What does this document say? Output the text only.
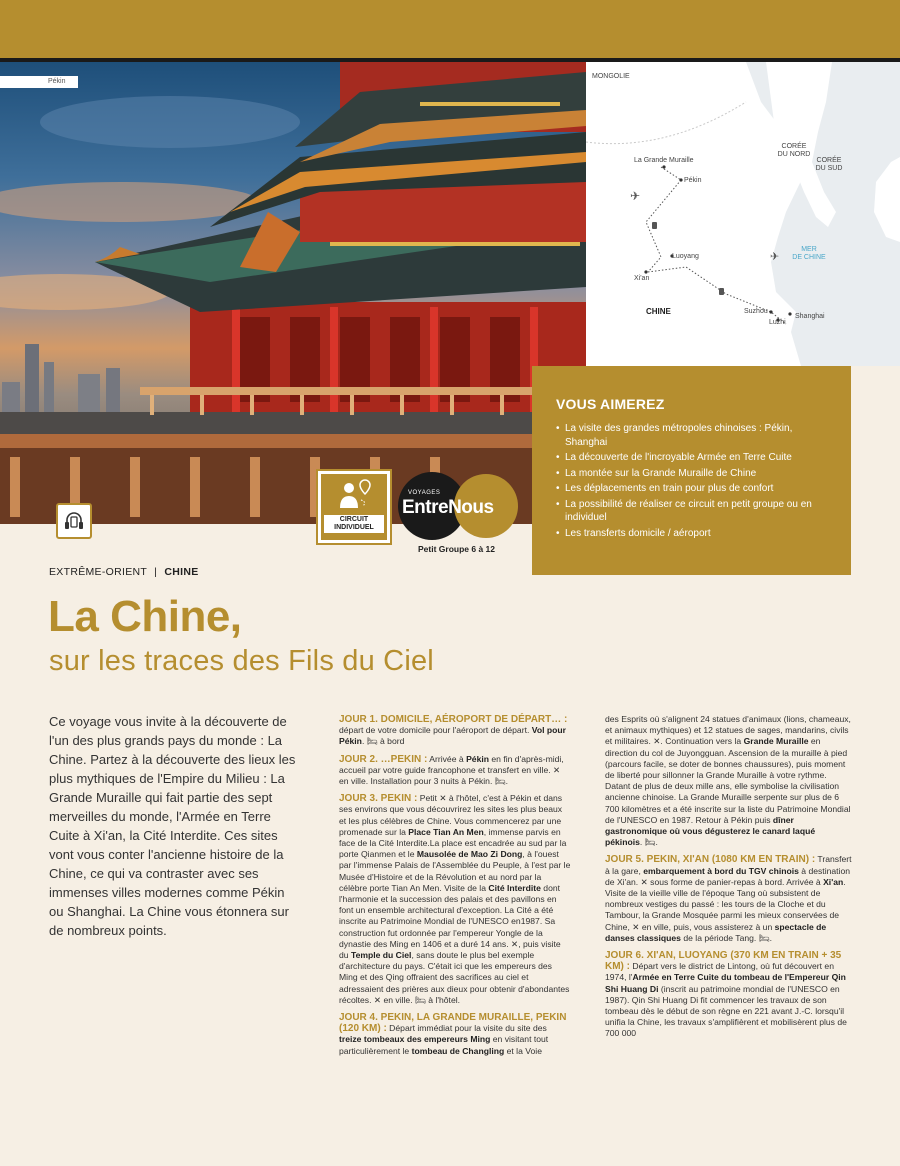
Pékin
✈
✈
MONGOLIE
La Grande Muraille
Pékin
CORÉE
DU NORD
CORÉE
DU SUD
Luoyang
Xi'an
MER
DE CHINE
CHINE	Suzhou
Luzhi
Shanghai
VOUS AIMEREZ
• La visite des grandes métropoles chinoises : Pékin, Shanghai
• La découverte de l'incroyable Armée en Terre Cuite
• La montée sur la Grande Muraille de Chine
• Les déplacements en train pour plus de confort
• La possibilité de réaliser ce circuit en petit groupe ou en individuel
• Les transferts domicile / aéroport
CIRCUIT
INDIVIDUEL
VOYAGES
EntreNous
Petit Groupe 6 à 12
EXTRÊME-ORIENT | CHINE
La Chine,
sur les traces des Fils du Ciel
Ce voyage vous invite à la découverte de l'un des plus grands pays du monde : La Chine. Partez à la découverte des lieux les plus mythiques de l'Empire du Milieu : La Grande Muraille qui fait partie des sept merveilles du monde, l'Armée en Terre Cuite à Xi'an, la Cité Interdite. Ces sites vont vous conter l'ancienne histoire de la Chine, ce qui va contraster avec ses immenses villes modernes comme Pékin ou Shanghai. La Chine vous étonnera sur de nombreux points.

JOUR 1. DOMICILE, AÉROPORT DE DÉPART… : départ de votre domicile pour l'aéroport de départ. Vol pour Pékin. 🛏 à bord

JOUR 2. …PEKIN : Arrivée à Pékin en fin d'après-midi, accueil par votre guide francophone et transfert en ville. ✕ en ville. Installation pour 3 nuits à Pékin. 🛏.

JOUR 3. PEKIN : Petit ✕ à l'hôtel, c'est à Pékin et dans ses environs que vous découvrirez les sites les plus beaux et les plus célèbres de Chine. Vous commencerez par une promenade sur la Place Tian An Men, immense parvis en face de la Cité Interdite.La place est encadrée au sud par la porte Qianmen et le Mausolée de Mao Zi Dong, à l'ouest par l'immense Palais de l'Assemblée du Peuple, à l'est par le Musée d'Histoire et de la Révolution et au nord par la célèbre porte Tian An Men. Visite de la Cité Interdite dont l'harmonie et la succession des palais et des pavillons en font un ensemble architectural d'exception. La Cité a été inscrite au Patrimoine Mondial de l'UNESCO en1987. Sa construction fut ordonnée par l'empereur Yongle de la dynastie des Ming en 1406 et a duré 14 ans. ✕, puis visite du Temple du Ciel, sans doute le plus bel exemple d'architecture du pays. C'était ici que les empereurs des Ming et des Qing offraient des sacrifices au ciel et adressaient des prières aux dieux pour obtenir d'abondantes récoltes. ✕ en ville. 🛏 à l'hôtel.

JOUR 4. PEKIN, LA GRANDE MURAILLE, PEKIN (120 KM) : Départ immédiat pour la visite du site des treize tombeaux des empereurs Ming en visitant tout particulièrement le tombeau de Changling et la Voie

des Esprits où s'alignent 24 statues d'animaux (lions, chameaux, et animaux mythiques) et 12 statues de sages, mandarins, civils et militaires. ✕. Continuation vers la Grande Muraille en direction du col de Juyongguan. Ascension de la muraille à pied (parcours facile, se doter de bonnes chaussures), puis moment de liberté pour sillonner la Grande Muraille à votre rythme. Datant de plus de deux mille ans, elle symbolise la civilisation ancienne chinoise. La Grande Muraille serpente sur plus de 6 700 kilomètres et a été inscrite sur la liste du Patrimoine Mondial de l'UNESCO en 1987. Retour à Pékin puis dîner gastronomique où vous dégusterez le canard laqué pékinois. 🛏.

JOUR 5. PEKIN, XI'AN (1080 KM EN TRAIN) : Transfert à la gare, embarquement à bord du TGV chinois à destination de Xi'an. ✕ sous forme de panier-repas à bord. Arrivée à Xi'an. Visite de la vieille ville de l'époque Tang où subsistent de nombreux vestiges du passé : les tours de la Cloche et du Tambour, la Grande Mosquée parmi les mieux conservées de Chine, ✕ en ville, puis, vous assisterez à un spectacle de danses classiques de la période Tang. 🛏.

JOUR 6. XI'AN, LUOYANG (370 KM EN TRAIN + 35 KM) : Départ vers le district de Lintong, où fut découvert en 1974, l'Armée en Terre Cuite du tombeau de l'Empereur Qin Shi Huang Di (inscrit au patrimoine mondial de l'UNESCO en 1987). Qin Shi Huang Di fit commencer les travaux de son tombeau dès le début de son règne en 221 avant J.-C. lorsqu'il unifia la Chine, les travaux s'amplifièrent et mobilisèrent plus de 700 000
